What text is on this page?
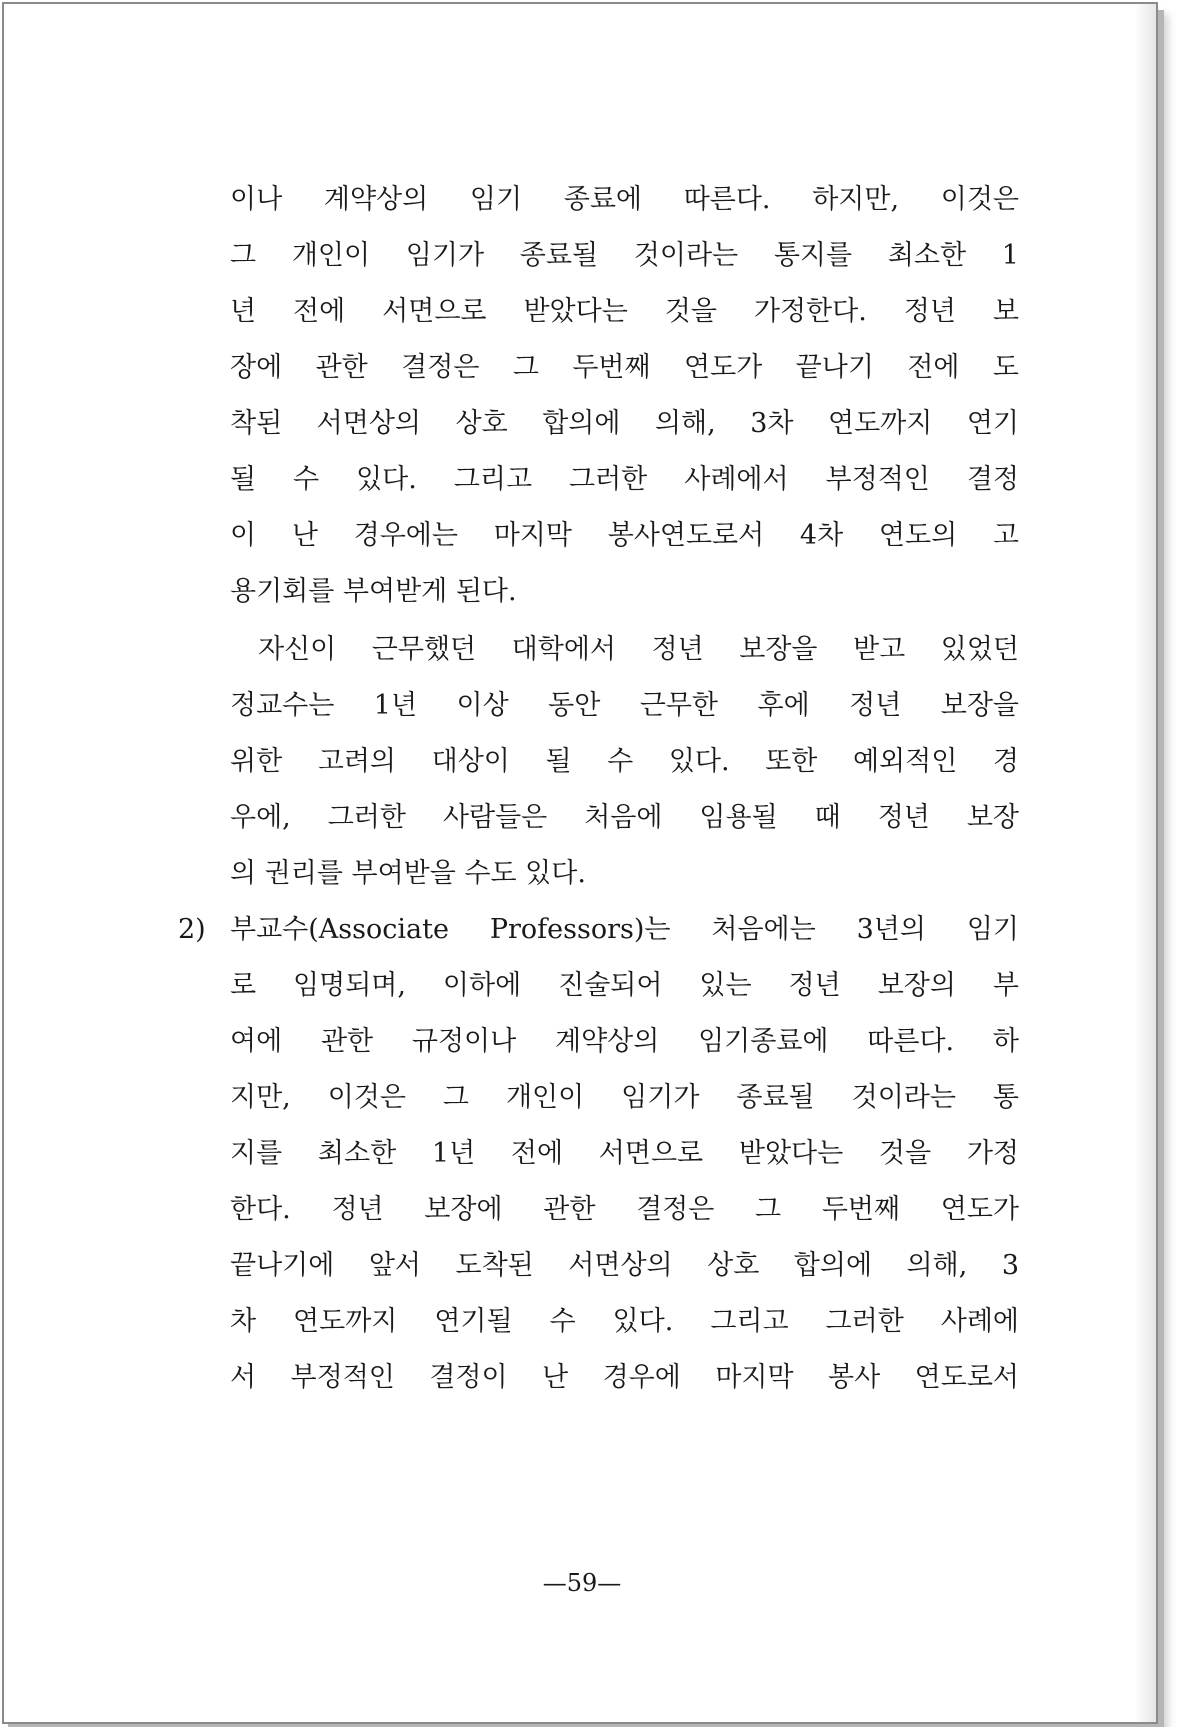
이나 계약상의 임기 종료에 따른다. 하지만, 이것은
그 개인이 임기가 종료될 것이라는 통지를 최소한 1
년 전에 서면으로 받았다는 것을 가정한다. 정년 보
장에 관한 결정은 그 두번째 연도가 끝나기 전에 도
착된 서면상의 상호 합의에 의해, 3차 연도까지 연기
될 수 있다. 그리고 그러한 사례에서 부정적인 결정
이 난 경우에는 마지막 봉사연도로서 4차 연도의 고
용기회를 부여받게 된다.
자신이 근무했던 대학에서 정년 보장을 받고 있었던
정교수는 1년 이상 동안 근무한 후에 정년 보장을
위한 고려의 대상이 될 수 있다. 또한 예외적인 경
우에, 그러한 사람들은 처음에 임용될 때 정년 보장
의 권리를 부여받을 수도 있다.
부교수(Associate Professors)는 처음에는 3년의 임기
로 임명되며, 이하에 진술되어 있는 정년 보장의 부
여에 관한 규정이나 계약상의 임기종료에 따른다. 하
지만, 이것은 그 개인이 임기가 종료될 것이라는 통
지를 최소한 1년 전에 서면으로 받았다는 것을 가정
한다. 정년 보장에 관한 결정은 그 두번째 연도가
끝나기에 앞서 도착된 서면상의 상호 합의에 의해, 3
차 연도까지 연기될 수 있다. 그리고 그러한 사례에
서 부정적인 결정이 난 경우에 마지막 봉사 연도로서
2)
—59—
